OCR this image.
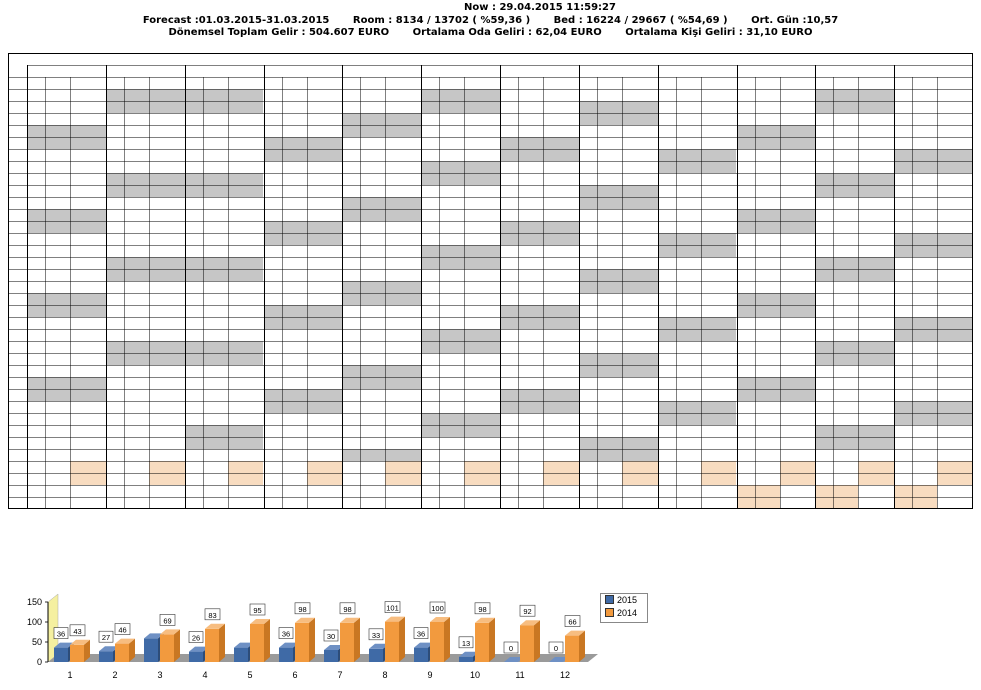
Now : 29.04.2015 11:59:27
Forecast :01.03.2015-31.03.2015 Room : 8134 / 13702 ( %59,36 ) Bed : 16224 / 29667 ( %54,69 ) Ort. Gün :10,57
Dönemsel Toplam Gelir : 504.607 EURO Ortalama Oda Geliri : 62,04 EURO Ortalama Kişi Geliri : 31,10 EURO
0
50
100
150
36 43
1
27
46
2
69
3
26
83
4
95
5
36
98
6
30
98
7
33
101
8
36
100
9
13
98
10
0
92
11
0
66
12
2015
2014
